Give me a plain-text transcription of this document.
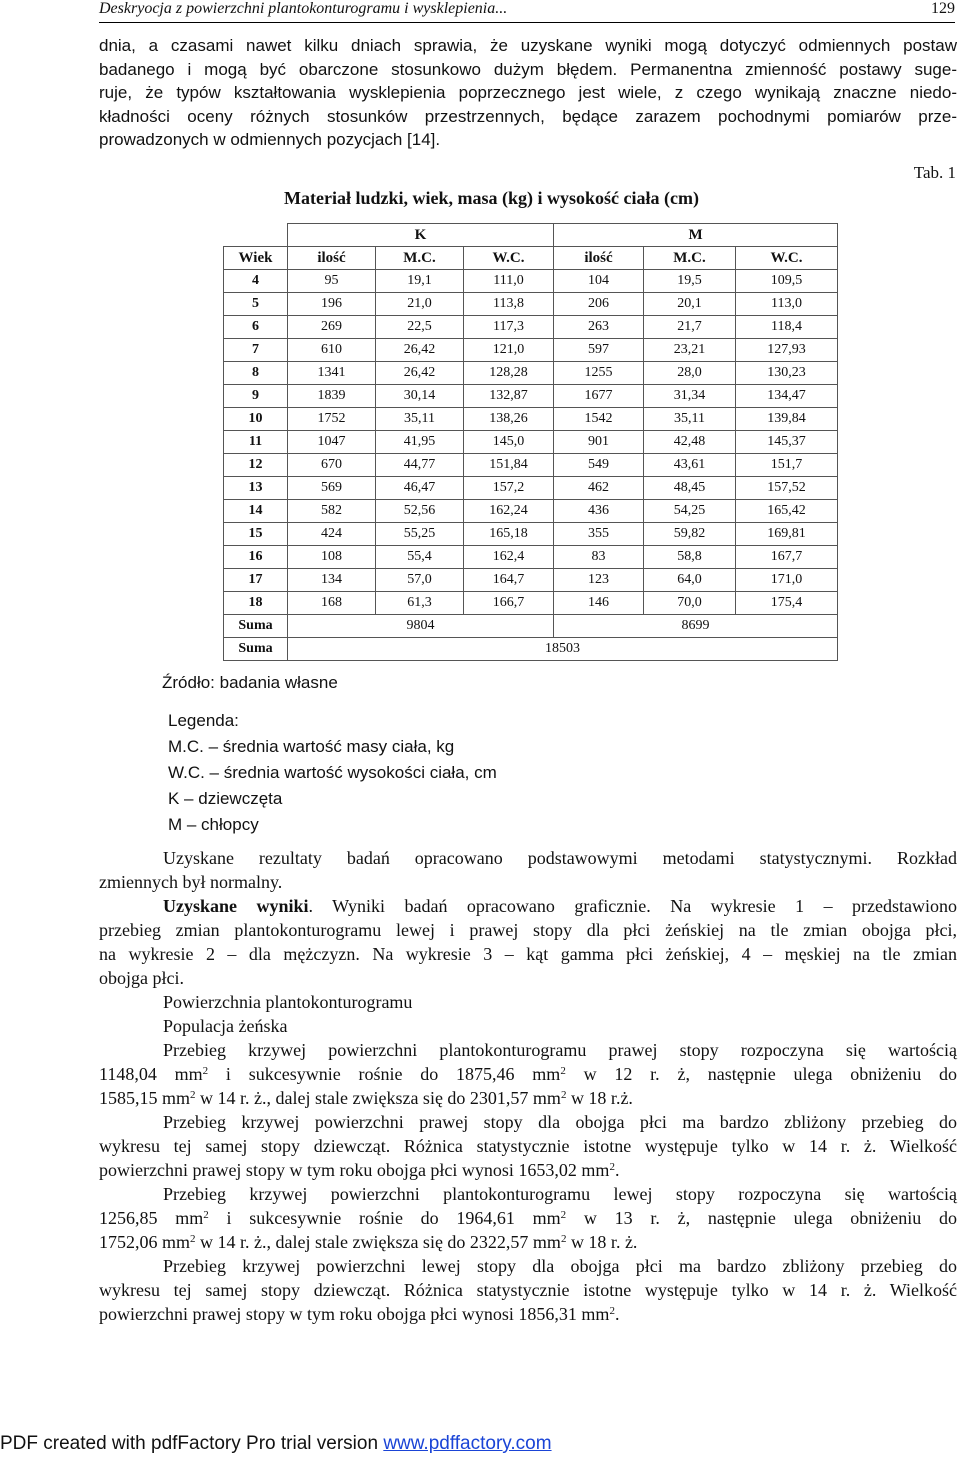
Deskryocja z powierzchni plantokonturogramu i wysklepienia...	129
dnia, a czasami nawet kilku dniach sprawia, że uzyskane wyniki mogą dotyczyć odmiennych postaw
badanego i mogą być obarczone stosunkowo dużym błędem. Permanentna zmienność postawy suge-
ruje, że typów kształtowania wysklepienia poprzecznego jest wiele, z czego wynikają znaczne niedo-
kładności oceny różnych stosunków przestrzennych, będące zarazem pochodnymi pomiarów prze-
prowadzonych w odmiennych pozycjach [14].
Tab. 1
Materiał ludzki, wiek, masa (kg) i wysokość ciała (cm)
	K			M		
Wiek	ilość	M.C.	W.C.	ilość	M.C.	W.C.
4	95	19,1	111,0	104	19,5	109,5
5	196	21,0	113,8	206	20,1	113,0
6	269	22,5	117,3	263	21,7	118,4
7	610	26,42	121,0	597	23,21	127,93
8	1341	26,42	128,28	1255	28,0	130,23
9	1839	30,14	132,87	1677	31,34	134,47
10	1752	35,11	138,26	1542	35,11	139,84
11	1047	41,95	145,0	901	42,48	145,37
12	670	44,77	151,84	549	43,61	151,7
13	569	46,47	157,2	462	48,45	157,52
14	582	52,56	162,24	436	54,25	165,42
15	424	55,25	165,18	355	59,82	169,81
16	108	55,4	162,4	83	58,8	167,7
17	134	57,0	164,7	123	64,0	171,0
18	168	61,3	166,7	146	70,0	175,4
Suma	9804			8699		
Suma	18503					
Źródło: badania własne
Legenda:
M.C. – średnia wartość masy ciała, kg
W.C. – średnia wartość wysokości ciała, cm
K – dziewczęta
M – chłopcy

Uzyskane rezultaty badań opracowano podstawowymi metodami statystycznymi. Rozkład
zmiennych był normalny.

Uzyskane wyniki. Wyniki badań opracowano graficznie. Na wykresie 1 – przedstawiono
przebieg zmian plantokonturogramu lewej i prawej stopy dla płci żeńskiej na tle zmian obojga płci,
na wykresie 2 – dla mężczyzn. Na wykresie 3 – kąt gamma płci żeńskiej, 4 – męskiej na tle zmian
obojga płci.

Powierzchnia plantokonturogramu

Populacja żeńska

Przebieg krzywej powierzchni plantokonturogramu prawej stopy rozpoczyna się wartością
1148,04 $mm^2$ i sukcesywnie rośnie do 1875,46 $mm^2$ w 12 r. ż, następnie ulega obniżeniu do
1585,15 $mm^2$ w 14 r. ż., dalej stale zwiększa się do 2301,57 $mm^2$ w 18 r.ż.

Przebieg krzywej powierzchni prawej stopy dla obojga płci ma bardzo zbliżony przebieg do
wykresu tej samej stopy dziewcząt. Różnica statystycznie istotne występuje tylko w 14 r. ż. Wielkość
powierzchni prawej stopy w tym roku obojga płci wynosi 1653,02 $mm^2$.

Przebieg krzywej powierzchni plantokonturogramu lewej stopy rozpoczyna się wartością
1256,85 $mm^2$ i sukcesywnie rośnie do 1964,61 $mm^2$ w 13 r. ż, następnie ulega obniżeniu do
1752,06 $mm^2$ w 14 r. ż., dalej stale zwiększa się do 2322,57 $mm^2$ w 18 r. ż.

Przebieg krzywej powierzchni lewej stopy dla obojga płci ma bardzo zbliżony przebieg do
wykresu tej samej stopy dziewcząt. Różnica statystycznie istotne występuje tylko w 14 r. ż. Wielkość
powierzchni prawej stopy w tym roku obojga płci wynosi 1856,31 $mm^2$.

PDF created with pdfFactory Pro trial version www.pdffactory.com
